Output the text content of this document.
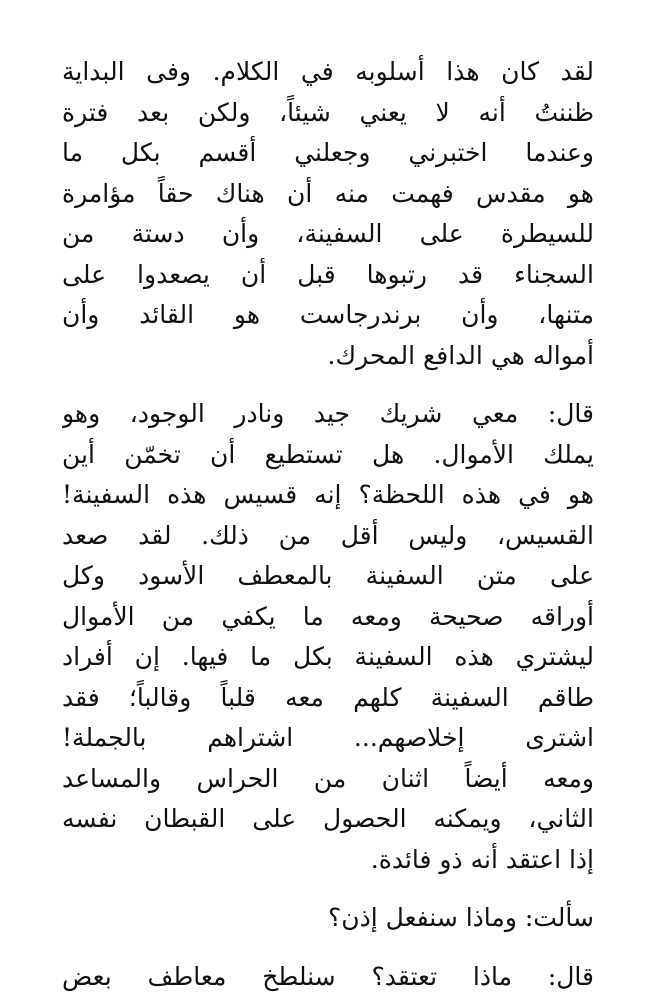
لقد كان هذا أسلوبه في الكلام. وفى البداية
ظننتُ أنه لا يعني شيئاً، ولكن بعد فترة
وعندما اختبرني وجعلني أقسم بكل ما
هو مقدس فهمت منه أن هناك حقاً مؤامرة
للسيطرة على السفينة، وأن دستة من
السجناء قد رتبوها قبل أن يصعدوا على
متنها، وأن برندرجاست هو القائد وأن
أمواله هي الدافع المحرك.

قال: معي شريك جيد ونادر الوجود، وهو
يملك الأموال. هل تستطيع أن تخمّن أين
هو في هذه اللحظة؟ إنه قسيس هذه السفينة!
القسيس، وليس أقل من ذلك. لقد صعد
على متن السفينة بالمعطف الأسود وكل
أوراقه صحيحة ومعه ما يكفي من الأموال
ليشتري هذه السفينة بكل ما فيها. إن أفراد
طاقم السفينة كلهم معه قلباً وقالباً؛ فقد
اشترى إخلاصهم... اشتراهم بالجملة!
ومعه أيضاً اثنان من الحراس والمساعد
الثاني، ويمكنه الحصول على القبطان نفسه
إذا اعتقد أنه ذو فائدة.

سألت: وماذا سنفعل إذن؟

قال: ماذا تعتقد؟ سنلطخ معاطف بعض
